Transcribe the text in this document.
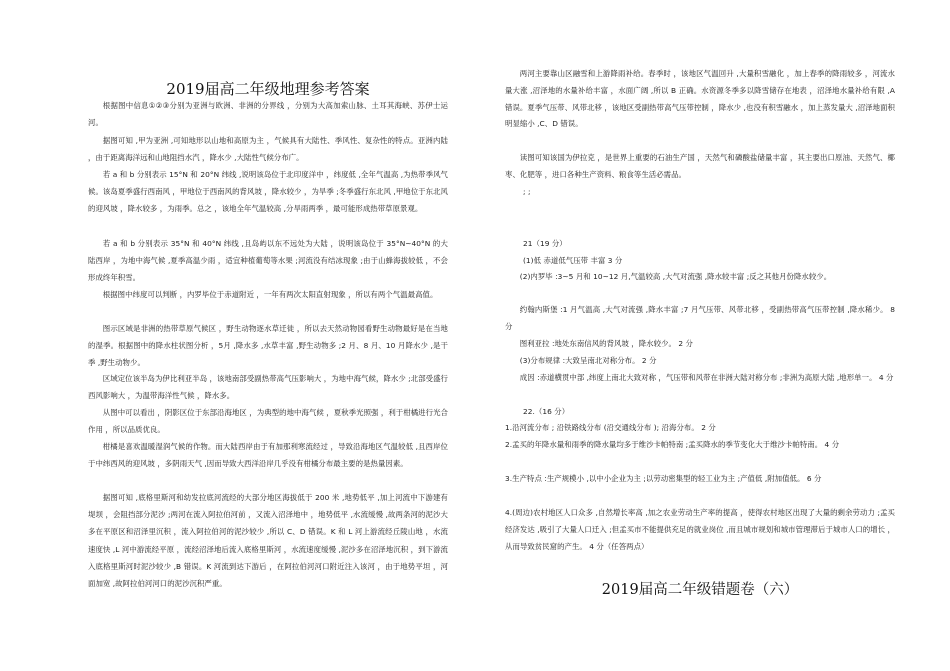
2019届高二年级地理参考答案
根据图中信息①②③分别为亚洲与欧洲、非洲的分界线 ，分别为大高加索山脉、土耳其海峡、苏伊士运河。
据图可知 ,甲为亚洲 ,可知地形以山地和高原为主 ，气候具有大陆性、季风性、复杂性的特点。亚洲内陆 ，由于距离海洋远和山地阻挡水汽 ，降水少 ,大陆性气候分布广。
若 a 和 b 分别表示 15°N 和 20°N 纬线 ,说明该岛位于北印度洋中 ，纬度低 ,全年气温高 ,为热带季风气候。该岛夏季盛行西南风 ，甲地位于西南风的背风坡 ，降水较少 ，为旱季 ;冬季盛行东北风 ,甲地位于东北风的迎风坡 ，降水较多 ，为雨季。总之 ，该地全年气温较高 ,分旱雨两季 ，最可能形成热带草原景观。
若 a 和 b 分别表示 35°N 和 40°N 纬线 ,且岛屿以东不远处为大陆 ，说明该岛位于 35°N~40°N 的大陆西岸 ，为地中海气候 ,夏季高温少雨 ，适宜种植葡萄等水果 ;河流没有结冰现象 ;由于山蜂海拔较低 ，不会形成终年积雪。
根据图中纬度可以判断 ，内罗毕位于赤道附近 ，一年有两次太阳直射现象 ，所以有两个气温最高值。
图示区域是非洲的热带草原气候区 ，野生动物逐水草迁徙 ，所以去天然动物园看野生动物最好是在当地的湿季。根据图中的降水柱状图分析 ，5月 ,降水多 ,水草丰富 ,野生动物多 ;2 月、8 月、10 月降水少 ,是干季 ,野生动物少。
区域定位该半岛为伊比利亚半岛 ，该地南部受副热带高气压影响大 ，为地中海气候，降水少 ;北部受盛行西风影响大 ，为温带海洋性气候 ，降水多。
从图中可以看出 ，阴影区位于东部沿海地区 ，为典型的地中海气候 ，夏秋季光照强 ，利于柑橘进行光合作用 ，所以品质优良。
柑橘是喜欢温暖湿润气候的作物。而大陆西岸由于有加那利寒流经过 ，导致沿海地区气温较低 ,且西岸位于中纬西风的迎风坡 ，多阴雨天气 ,因而导致大西洋沿岸几乎没有柑橘分布最主要的是热量因素。
据图可知 ,底格里斯河和幼发拉底河流经的大部分地区海拔低于 200 米 ,地势低平 ,加上河流中下游建有堤坝 ，会阻挡部分泥沙 ;两河在流入阿拉伯河前 ，又流入沼泽地中 ，地势低平 ,水流缓慢 ,故两条河的泥沙大多在平原区和沼泽里沉积 ，流入阿拉伯河的泥沙较少 ,所以 C、D 错误。K 和 L 河上游流经丘陵山地 ，水流速度快 ,L 河中游流经平原 ，流经沼泽地后流入底格里斯河 ，水流速度缓慢 ,泥沙多在沼泽地沉积 ，到下游流入底格里斯河时泥沙较少 ,B 错误。K 河流到达下游后 ，在阿拉伯河河口附近注入该河 ，由于地势平坦 ，河面加宽 ,故阿拉伯河河口的泥沙沉积严重。
两河主要靠山区融雪和上游降雨补给。春季时 ，该地区气温回升 ,大量积雪融化 ，加上春季的降雨较多 ，河流水量大涨 ,沼泽地的水量补给丰富 ，水面广阔 ,所以 B 正确。水资源冬季多以降雪储存在地表 ，沼泽地水量补给有限 ,A 错误。夏季气压带、风带北移 ，该地区受副热带高气压带控制 ，降水少 ,也没有积雪融水 ，加上蒸发量大 ,沼泽地面积明显缩小 ,C、D 错误。
读图可知该国为伊拉克 ，是世界上重要的石油生产国 ，天然气和磷酸盐储量丰富 ，其主要出口原油、天然气、椰枣、化肥等 ，进口各种生产资料、粮食等生活必需品。
; ;
21（19 分）
(1)低 赤道低气压带 丰富 3 分
(2)内罗毕 :3~5 月和 10~12 月,气温较高 ,大气对流强 ,降水较丰富 ;反之其他月份降水较少。
约翰内斯堡 :1 月气温高 ,大气对流强 ,降水丰富 ;7 月气压带、风带北移 ，受副热带高气压带控制 ,降水稀少。 8 分
图利亚拉 :地处东南信风的背风坡 ，降水较少。 2 分
(3)分布规律 :大致呈南北对称分布。 2 分
成因 :赤道横贯中部 ,纬度上南北大致对称 ，气压带和风带在非洲大陆对称分布 ;非洲为高原大陆 ,地形单一。 4 分
22.（16 分）
1.沿河流分布 ; 沿铁路线分布 (沿交通线分布 ); 沿海分布。 2 分
2.孟买的年降水量和雨季的降水量均多于维沙卡帕特南 ;孟买降水的季节变化大于维沙卡帕特南。 4 分
3.生产特点 :生产规模小 ,以中小企业为主 ;以劳动密集型的轻工业为主 ;产值低 ,附加值低。 6 分
4.(周边)农村地区人口众多 ,自然增长率高 ,加之农业劳动生产率的提高 ，使得农村地区出现了大量的剩余劳动力 ;孟买经济发达 ,吸引了大量人口迁入 ;但孟买市不能提供充足的就业岗位 ,而且城市规划和城市管理滞后于城市人口的增长 ，从而导致贫民窟的产生。 4 分（任答两点）
2019届高二年级错题卷（六）
